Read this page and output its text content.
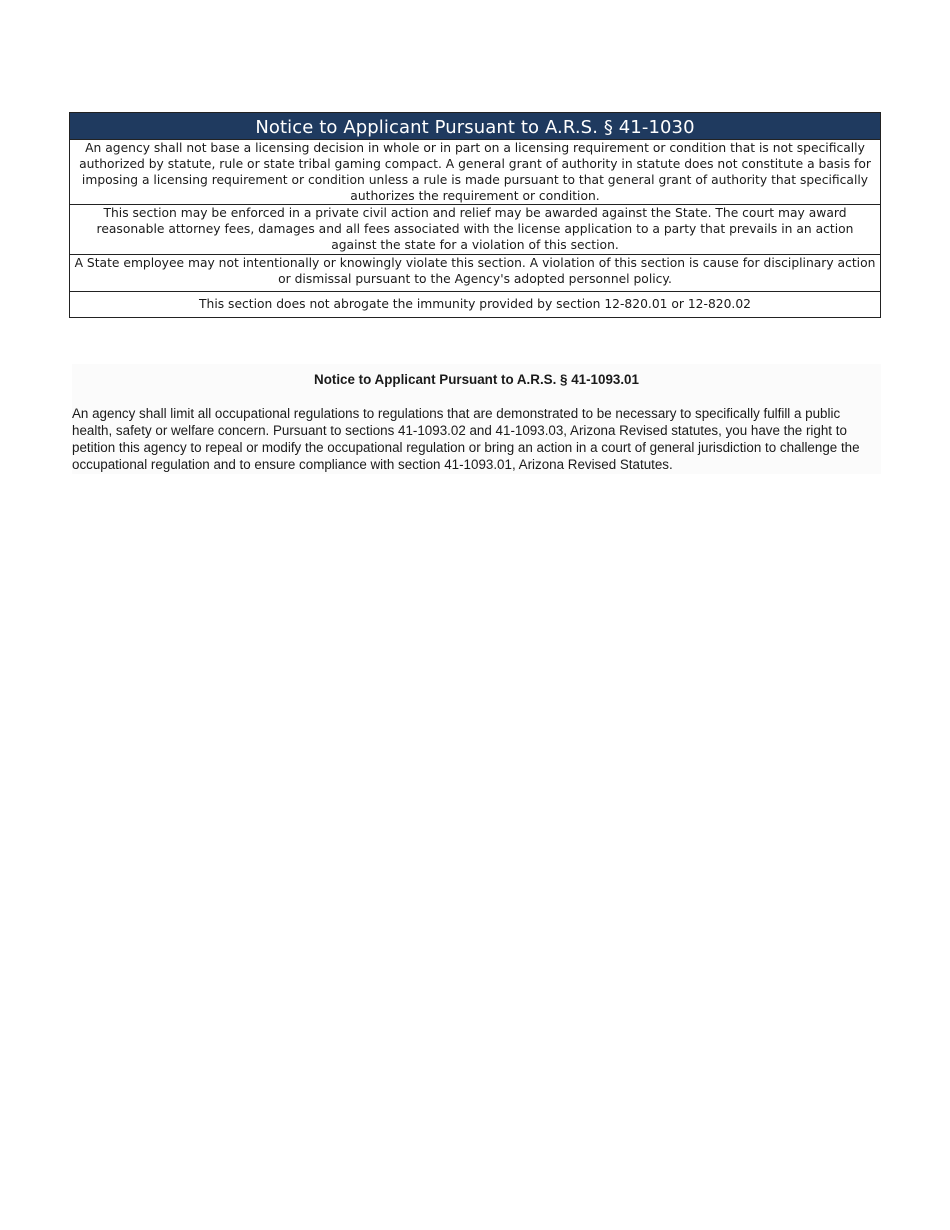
Notice to Applicant Pursuant to A.R.S. § 41-1030
An agency shall not base a licensing decision in whole or in part on a licensing requirement or condition that is not specifically authorized by statute, rule or state tribal gaming compact. A general grant of authority in statute does not constitute a basis for imposing a licensing requirement or condition unless a rule is made pursuant to that general grant of authority that specifically authorizes the requirement or condition.
This section may be enforced in a private civil action and relief may be awarded against the State. The court may award reasonable attorney fees, damages and all fees associated with the license application to a party that prevails in an action against the state for a violation of this section.
A State employee may not intentionally or knowingly violate this section. A violation of this section is cause for disciplinary action or dismissal pursuant to the Agency's adopted personnel policy.
This section does not abrogate the immunity provided by section 12-820.01 or 12-820.02
Notice to Applicant Pursuant to A.R.S. § 41-1093.01
An agency shall limit all occupational regulations to regulations that are demonstrated to be necessary to specifically fulfill a public health, safety or welfare concern. Pursuant to sections 41-1093.02 and 41-1093.03, Arizona Revised statutes, you have the right to petition this agency to repeal or modify the occupational regulation or bring an action in a court of general jurisdiction to challenge the occupational regulation and to ensure compliance with section 41-1093.01, Arizona Revised Statutes.
